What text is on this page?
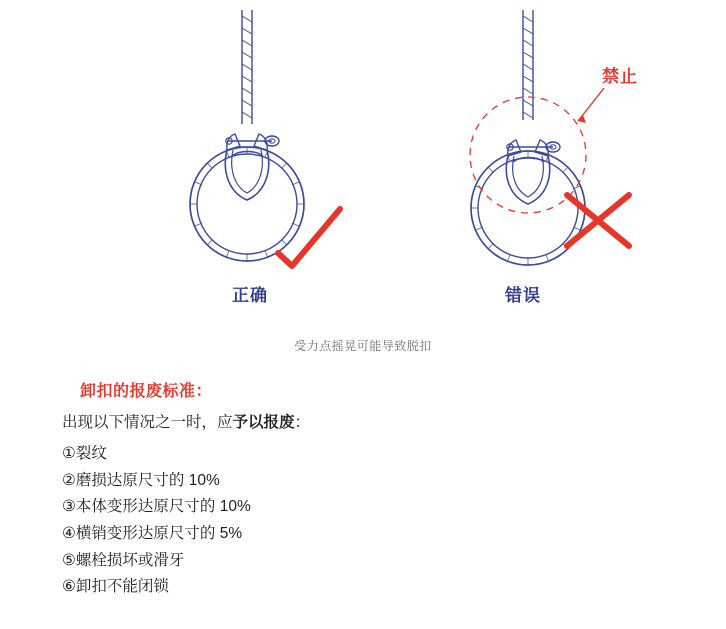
禁止
正确	错误
受力点摇晃可能导致脱扣
卸扣的报废标准：

出现以下情况之一时，应予以报废：

①裂纹
②磨损达原尺寸的 10%
③本体变形达原尺寸的 10%
④横销变形达原尺寸的 5%
⑤螺栓损坏或滑牙
⑥卸扣不能闭锁
